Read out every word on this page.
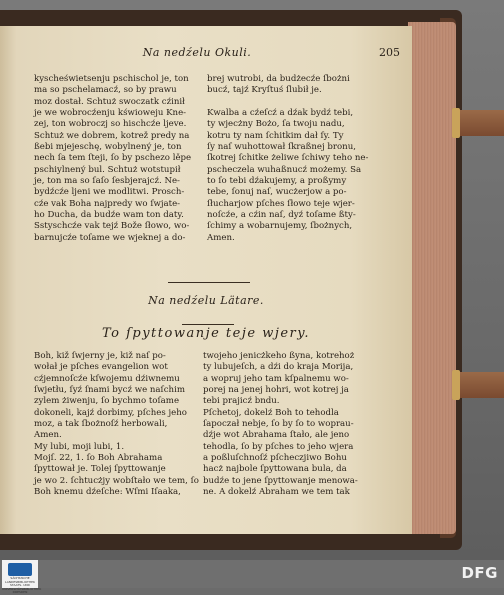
Na nedźelu Okuli.	205
kyscheświetsenju pschischol je, ton
ma so pschelamacź, so by prawu
moz dostał. Schtuż swoczatk cźinił
je we wobrocźenju kświoweju Kne-
zej, ton wobroczj so hischcźe ljeve.
Schtuż we dobrem, kotrež predy na
ßebi mjejeschę, wobylnený je, ton
nech ſa tem ſteji, ſo by pschezo lěpe
pschiylnený bul. Schtuż wotstupił
je, ton ma so ſaſo ſesbjerajcź. Ne-
bydźcźe ljeni we modlitwi. Prosch-
cźe vak Boha najpredy wo ſwjate-
ho Ducha, da budźe wam ton daty.
Sstyschcźe vak tejź Bože ſłowo, wo-
barnujcźe toſame we wjeknej a do-
brej wutrobi, da budżecźe ſbożni
bucź, tajź Kryſtuś ſlubił je.
Kwalba a cźeſcź a dźak bydź tebi,
ty wjecżny Bożo, ſa twoju nadu,
kotru ty nam ſchitkim dał ſy. Ty
ſy naſ wuhottował ſkraßnej bronu,
ſkotrej ſchitke żeliwe ſchiwy teho ne-
pscheczela wuhaßnucź możemy. Sa
to ſo tebi dźakujemy, a proßymy
tebe, ſonuj naſ, wucżerjow a po-
ſłucharjow pſches ſłowo teje wjer-
noſcźe, a cźin naſ, dyź toſame ßty-
ſchimy a wobarnujemy, ſbożnych,
Amen.
Na nedźelu Lätare.
To ſpyttowanje teje wjery.
Boh, kiž ſwjerny je, kiž naſ po-
wołał je pſches evangelion wot
cźjemnoſcźe kſwojemu dźiwnemu
ſwjetłu, ſyź ſnami bycź we naſchim
zylem żiwenju, ſo bychmo toſame
dokoneli, kajź dorbimy, pſches jeho
moz, a tak ſbożnoſź herbowali,
Amen.
My lubi, moji lubi, 1.
Mojſ. 22, 1. ſo Boh Abrahama
ſpyttował je. Tolej ſpyttowanje
je wo 2. ſchtucżjy wobſtało we tem, ſo
Boh knemu dźeſche: Wſmi Iſaaka,
twojeho jenicżkeho ßyna, kotrehoż
ty lubujeſch, a dźi do kraja Morija,
a wopruj jeho tam kſpalnemu wo-
porej na jenej hohri, wot kotrej ja
tebi prajicź bndu.
Pſchetoj, dokelź Boh to tehodla
ſapoczał nebje, ſo by ſo to woprau-
dźje wot Abrahama ſtało, ale jeno
tehodla, ſo by pſches to jeho wjera
a poßluſchnoſź pſcheczjiwo Bohu
hacż najbole ſpyttowana bula, da
budźe to jene ſpyttowanje menowa-
ne. A dokelź Abraham we tem tak
SÄCHSISCHE LANDESBIBLIOTHEK STAATS- UND UNIVERSITÄTSBIBLIOTHEK DRESDEN
DFG
